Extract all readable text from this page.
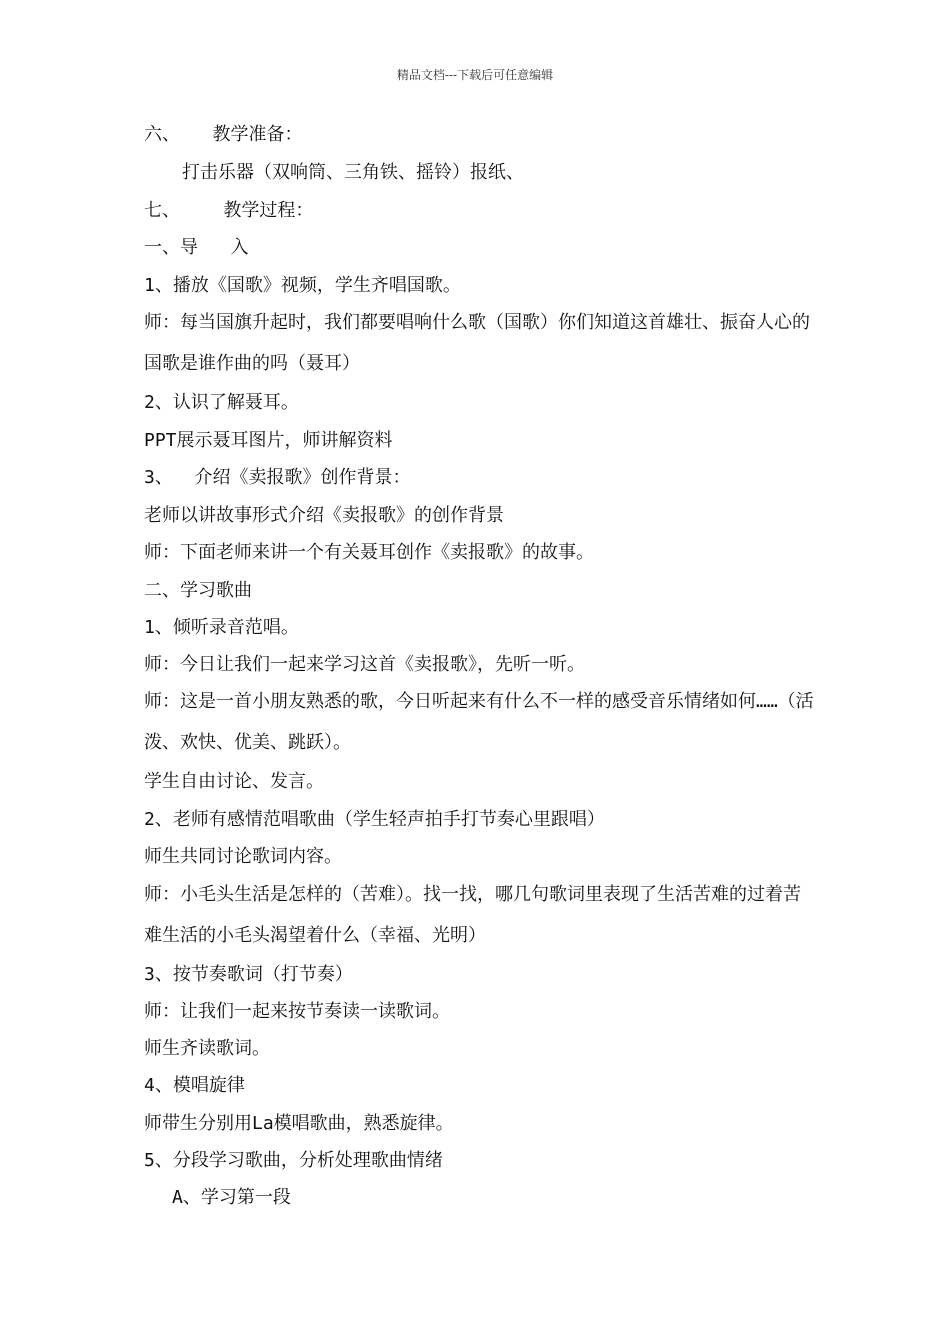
精品文档---下载后可任意编辑

六、   教学准备：

打击乐器（双响筒、三角铁、摇铃）报纸、

七、    教学过程：

一、导   入

1、播放《国歌》视频，学生齐唱国歌。

师：每当国旗升起时，我们都要唱响什么歌（国歌）你们知道这首雄壮、振奋人心的国歌是谁作曲的吗（聂耳）

2、认识了解聂耳。

PPT展示聂耳图片，师讲解资料

3、  介绍《卖报歌》创作背景：

老师以讲故事形式介绍《卖报歌》的创作背景

师：下面老师来讲一个有关聂耳创作《卖报歌》的故事。

二、学习歌曲

1、倾听录音范唱。

师：今日让我们一起来学习这首《卖报歌》，先听一听。

师：这是一首小朋友熟悉的歌，今日听起来有什么不一样的感受音乐情绪如何……（活泼、欢快、优美、跳跃）。

学生自由讨论、发言。

2、老师有感情范唱歌曲（学生轻声拍手打节奏心里跟唱）

师生共同讨论歌词内容。

师：小毛头生活是怎样的（苦难）。找一找，哪几句歌词里表现了生活苦难的过着苦难生活的小毛头渴望着什么（幸福、光明）

3、按节奏歌词（打节奏）

师：让我们一起来按节奏读一读歌词。

师生齐读歌词。

4、模唱旋律

师带生分别用La模唱歌曲，熟悉旋律。

5、分段学习歌曲，分析处理歌曲情绪

A、学习第一段
